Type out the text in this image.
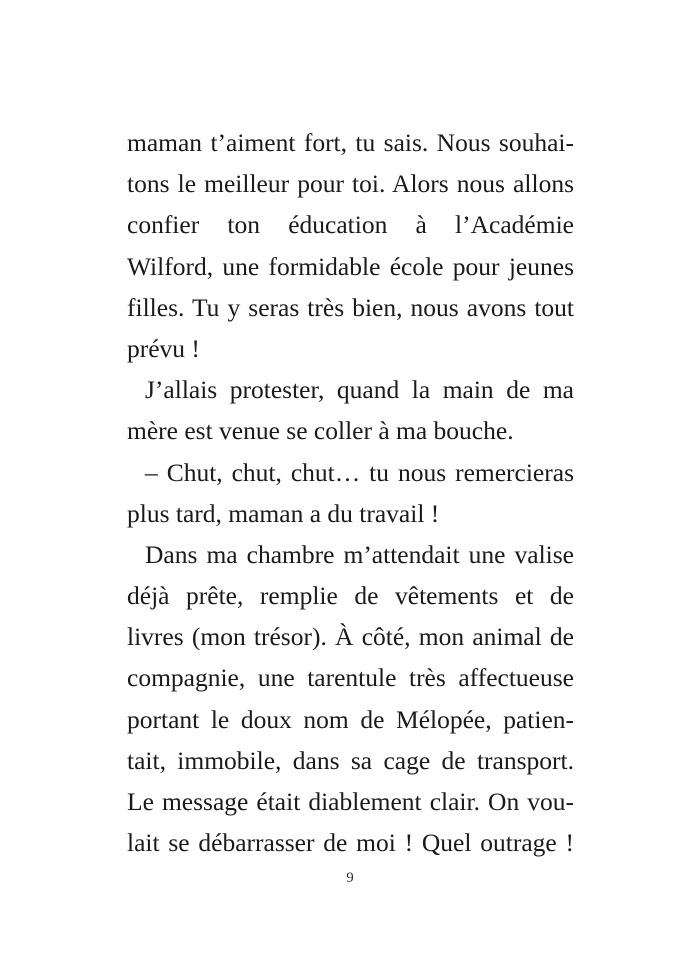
maman t’aiment fort, tu sais. Nous souhai-
tons le meilleur pour toi. Alors nous allons
confier ton éducation à l’Académie
Wilford, une formidable école pour jeunes
filles. Tu y seras très bien, nous avons tout
prévu !
J’allais protester, quand la main de ma
mère est venue se coller à ma bouche.
– Chut, chut, chut… tu nous remercieras
plus tard, maman a du travail !
Dans ma chambre m’attendait une valise
déjà prête, remplie de vêtements et de
livres (mon trésor). À côté, mon animal de
compagnie, une tarentule très affectueuse
portant le doux nom de Mélopée, patien-
tait, immobile, dans sa cage de transport.
Le message était diablement clair. On vou-
lait se débarrasser de moi ! Quel outrage !
9
